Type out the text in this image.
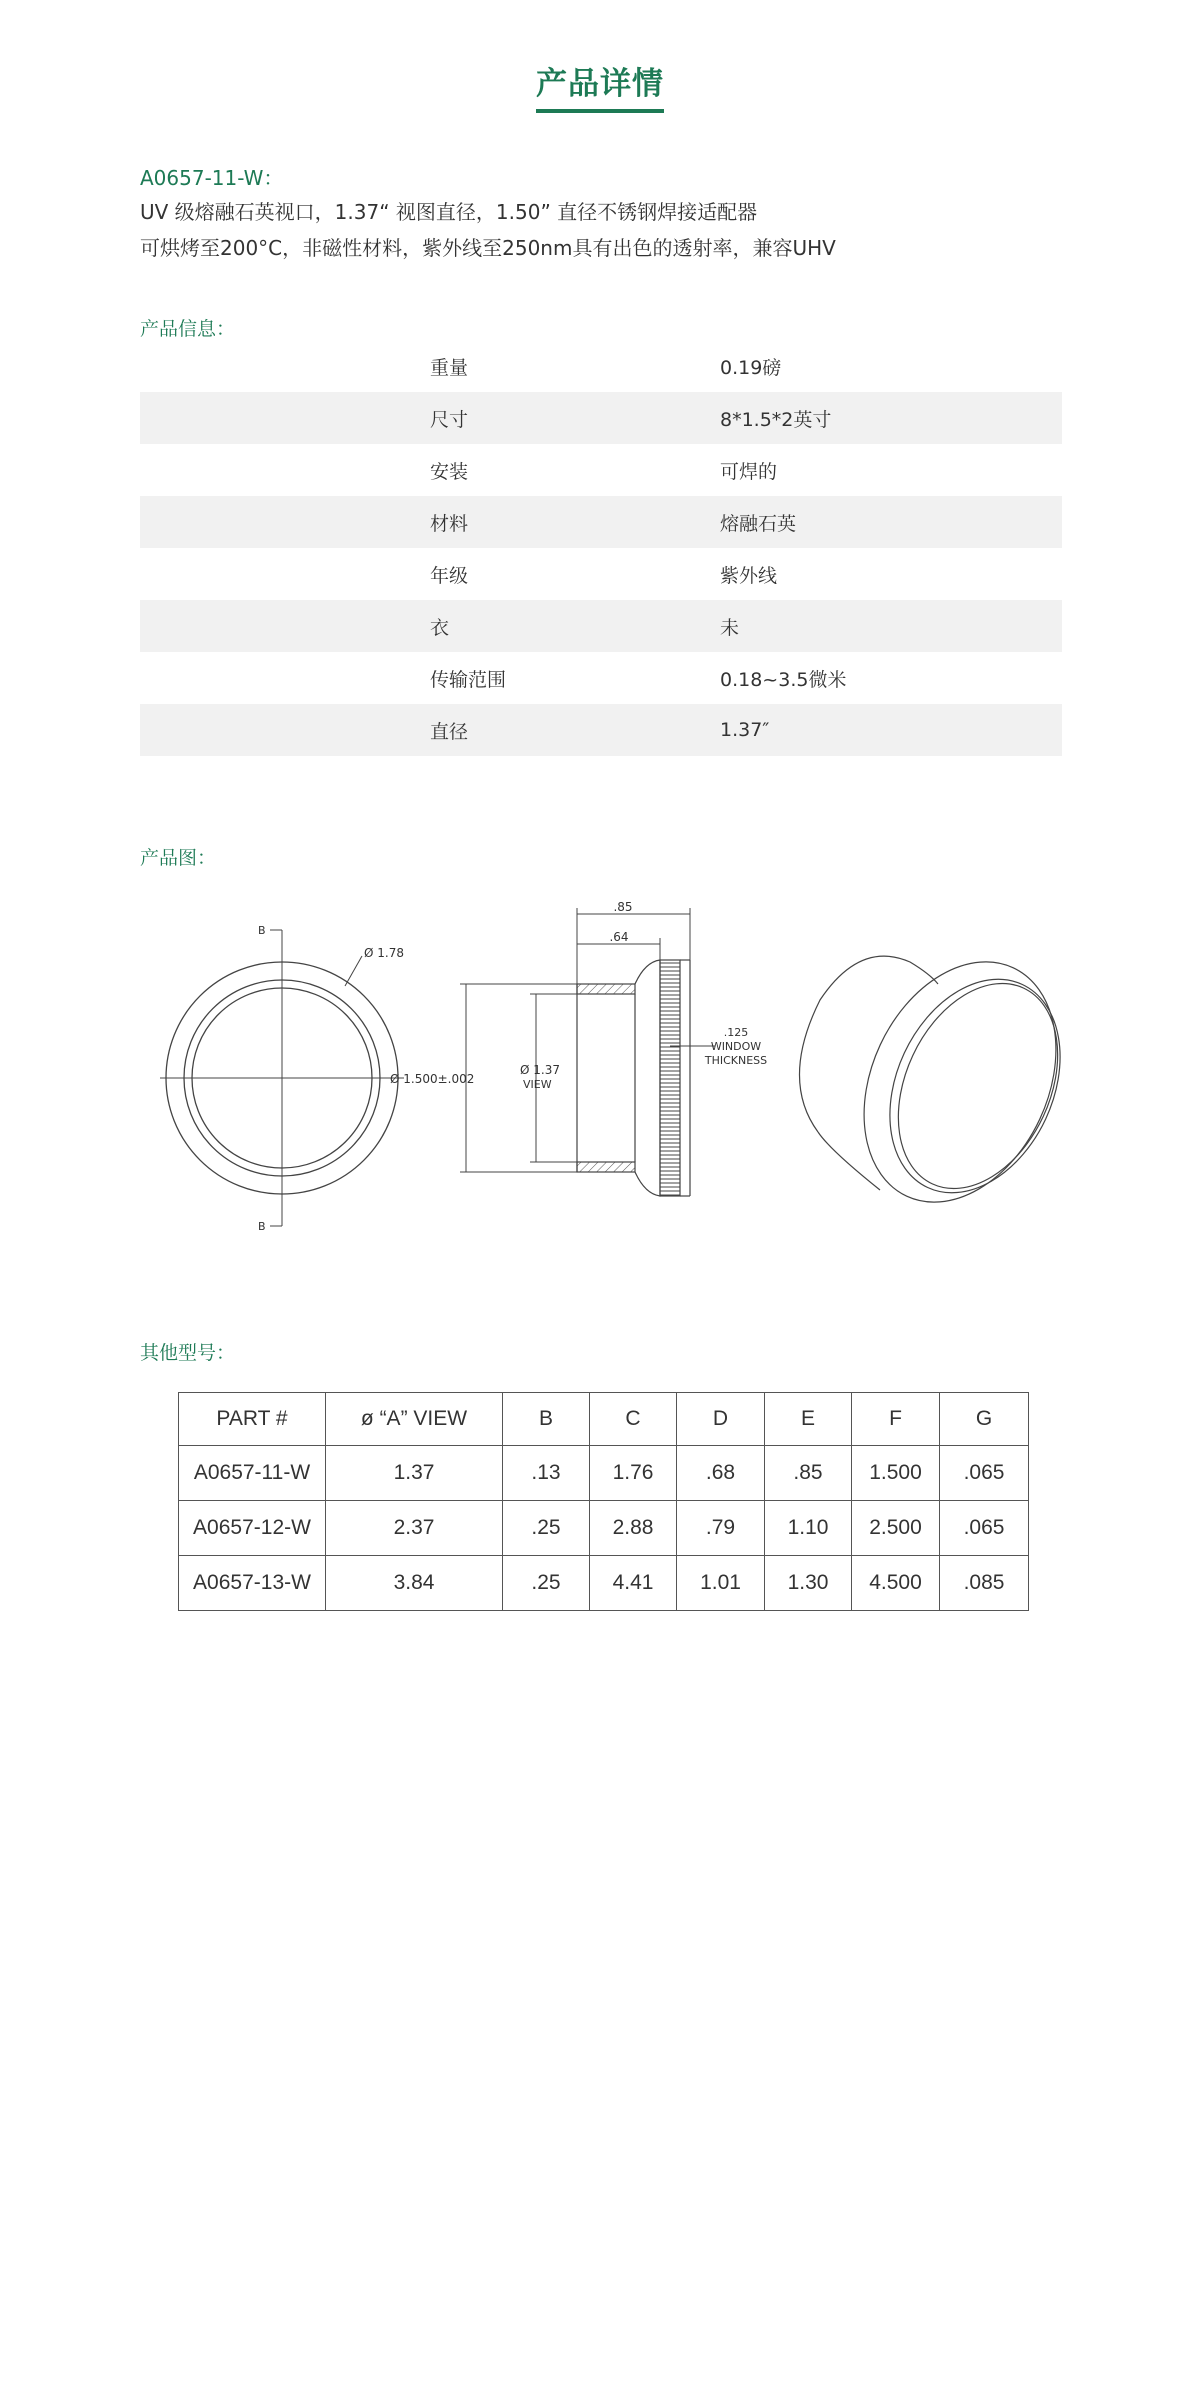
产品详情
A0657-11-W：
UV 级熔融石英视口，1.37“ 视图直径，1.50” 直径不锈钢焊接适配器
可烘烤至200°C，非磁性材料，紫外线至250nm具有出色的透射率，兼容UHV
产品信息：
重量	0.19磅
尺寸	8*1.5*2英寸
安装	可焊的
材料	熔融石英
年级	紫外线
衣	未
传输范围	0.18~3.5微米
直径	1.37″
产品图：
B
B
Ø 1.78
.85
.64
Ø 1.500±.002
Ø 1.37
VIEW
.125
WINDOW
THICKNESS
其他型号：
PART #	ø “A” VIEW	B	C	D	E	F	G
A0657-11-W	1.37	.13	1.76	.68	.85	1.500	.065
A0657-12-W	2.37	.25	2.88	.79	1.10	2.500	.065
A0657-13-W	3.84	.25	4.41	1.01	1.30	4.500	.085
